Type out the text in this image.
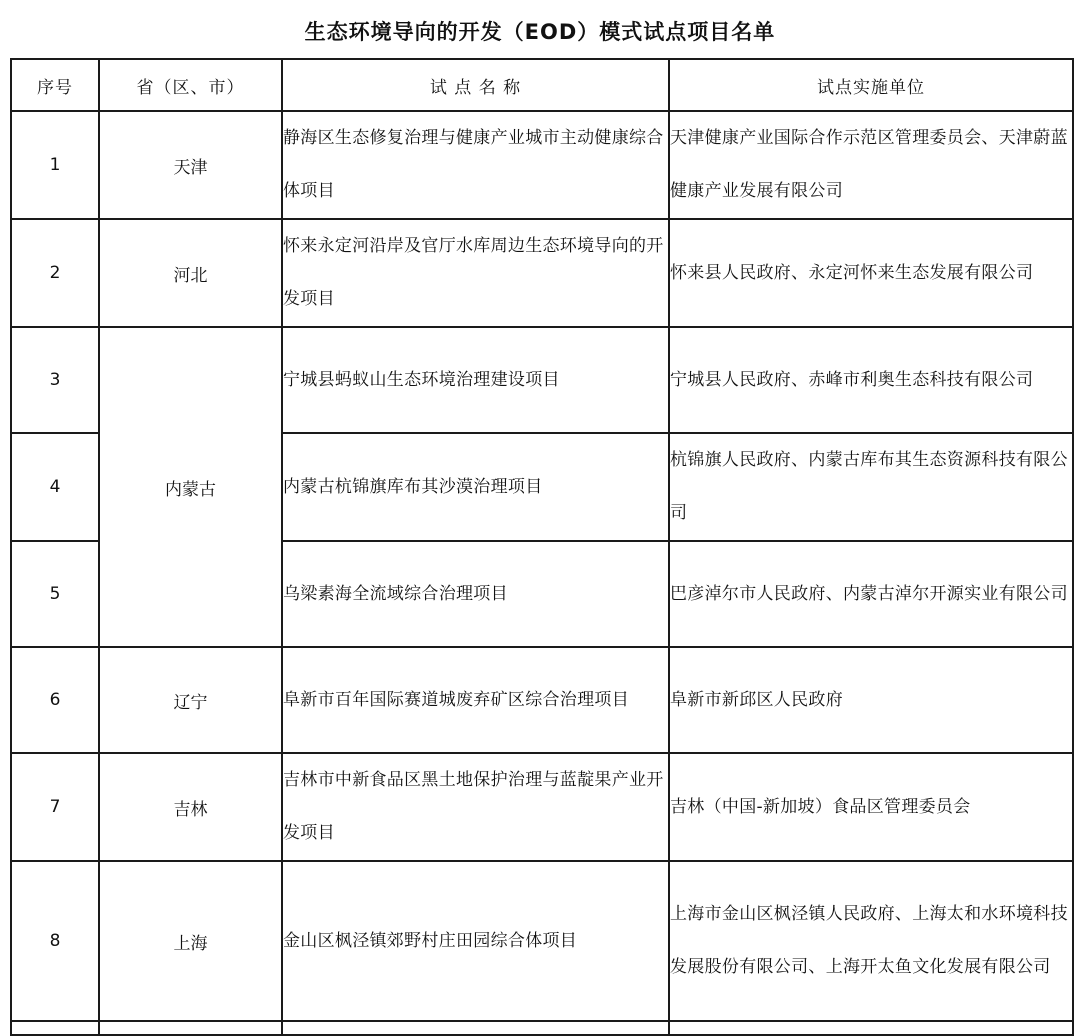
生态环境导向的开发（EOD）模式试点项目名单
序号	省（区、市）	试 点 名 称	试点实施单位
1	天津	静海区生态修复治理与健康产业城市主动健康综合体项目	天津健康产业国际合作示范区管理委员会、天津蔚蓝健康产业发展有限公司
2	河北	怀来永定河沿岸及官厅水库周边生态环境导向的开发项目	怀来县人民政府、永定河怀来生态发展有限公司
3	内蒙古	宁城县蚂蚁山生态环境治理建设项目	宁城县人民政府、赤峰市利奥生态科技有限公司
4		内蒙古杭锦旗库布其沙漠治理项目	杭锦旗人民政府、内蒙古库布其生态资源科技有限公司
5		乌梁素海全流域综合治理项目	巴彦淖尔市人民政府、内蒙古淖尔开源实业有限公司
6	辽宁	阜新市百年国际赛道城废弃矿区综合治理项目	阜新市新邱区人民政府
7	吉林	吉林市中新食品区黑土地保护治理与蓝靛果产业开发项目	吉林（中国-新加坡）食品区管理委员会
8	上海	金山区枫泾镇郊野村庄田园综合体项目	上海市金山区枫泾镇人民政府、上海太和水环境科技发展股份有限公司、上海开太鱼文化发展有限公司
